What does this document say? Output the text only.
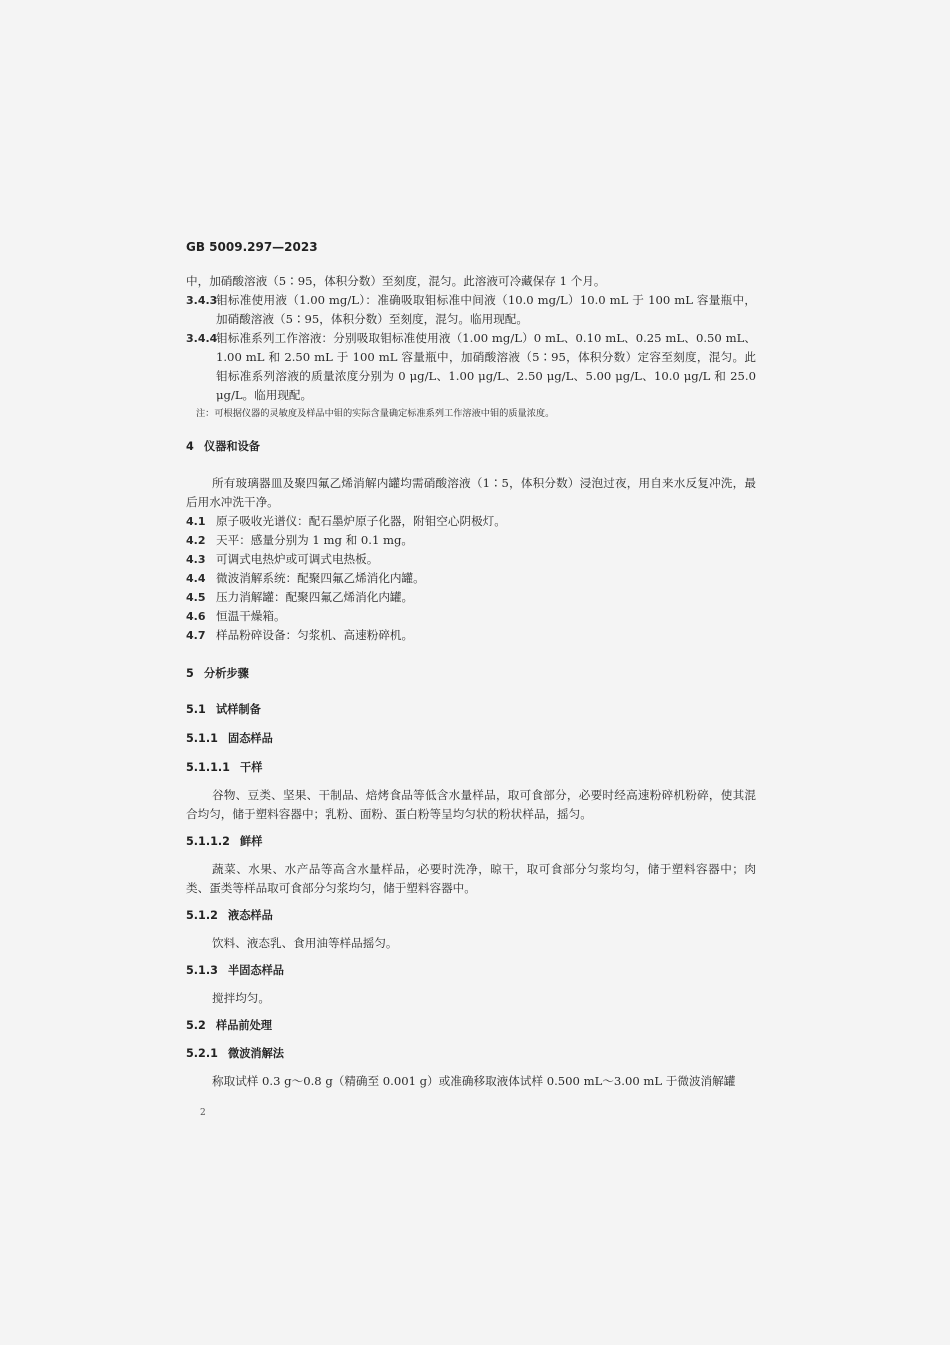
GB 5009.297—2023

中，加硝酸溶液（5∶95，体积分数）至刻度，混匀。此溶液可冷藏保存 1 个月。

3.4.3
钼标准使用液（1.00 mg/L）：准确吸取钼标准中间液（10.0 mg/L）10.0 mL 于 100 mL 容量瓶中，加硝酸溶液（5∶95，体积分数）至刻度，混匀。临用现配。
3.4.4
钼标准系列工作溶液：分别吸取钼标准使用液（1.00 mg/L）0 mL、0.10 mL、0.25 mL、0.50 mL、1.00 mL 和 2.50 mL 于 100 mL 容量瓶中，加硝酸溶液（5∶95，体积分数）定容至刻度，混匀。此钼标准系列溶液的质量浓度分别为 0 μg/L、1.00 μg/L、2.50 μg/L、5.00 μg/L、10.0 μg/L 和 25.0 μg/L。临用现配。
注：可根据仪器的灵敏度及样品中钼的实际含量确定标准系列工作溶液中钼的质量浓度。
4 仪器和设备

所有玻璃器皿及聚四氟乙烯消解内罐均需硝酸溶液（1∶5，体积分数）浸泡过夜，用自来水反复冲洗，最后用水冲洗干净。

4.1 原子吸收光谱仪：配石墨炉原子化器，附钼空心阴极灯。
4.2 天平：感量分别为 1 mg 和 0.1 mg。
4.3 可调式电热炉或可调式电热板。
4.4 微波消解系统：配聚四氟乙烯消化内罐。
4.5 压力消解罐：配聚四氟乙烯消化内罐。
4.6 恒温干燥箱。
4.7 样品粉碎设备：匀浆机、高速粉碎机。
5 分析步骤
5.1 试样制备
5.1.1 固态样品
5.1.1.1 干样

谷物、豆类、坚果、干制品、焙烤食品等低含水量样品，取可食部分，必要时经高速粉碎机粉碎，使其混合均匀，储于塑料容器中；乳粉、面粉、蛋白粉等呈均匀状的粉状样品，摇匀。

5.1.1.2 鲜样

蔬菜、水果、水产品等高含水量样品，必要时洗净，晾干，取可食部分匀浆均匀，储于塑料容器中；肉类、蛋类等样品取可食部分匀浆均匀，储于塑料容器中。

5.1.2 液态样品

饮料、液态乳、食用油等样品摇匀。

5.1.3 半固态样品

搅拌均匀。

5.2 样品前处理
5.2.1 微波消解法

称取试样 0.3 g～0.8 g（精确至 0.001 g）或准确移取液体试样 0.500 mL～3.00 mL 于微波消解罐

2
